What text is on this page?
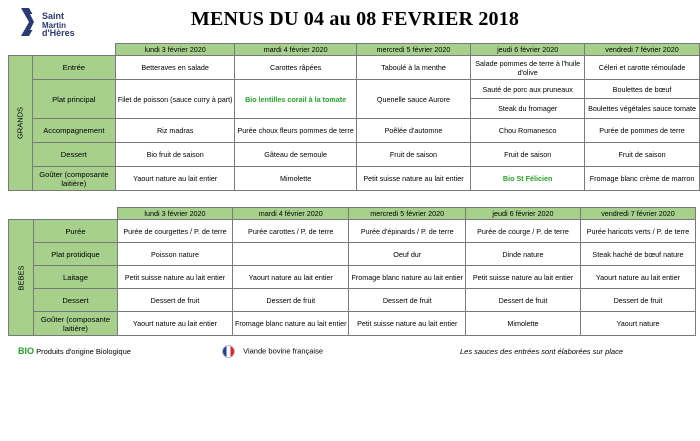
Saint
Martin
d'Hères
MENUS DU 04 au 08 FEVRIER 2018
		lundi 3 février 2020	mardi 4 février 2020	mercredi 5 février 2020	jeudi 6 février 2020	vendredi 7 février 2020

GRANDS	Entrée	Betteraves en salade	Carottes râpées	Taboulé à la menthe	Salade pommes de terre à l'huile d'olive	Céleri et carotte rémoulade
	Plat principal	Filet de poisson (sauce curry à part)	Bio lentilles corail à la tomate	Quenelle sauce Aurore	Sauté de porc aux pruneaux	Boulettes de bœuf
					Steak du fromager	Boulettes végétales sauce tomate
	Accompagnement	Riz madras	Purée choux fleurs pommes de terre	Poêlée d'automne	Chou Romanesco	Purée de pommes de terre
	Dessert	Bio fruit de saison	Gâteau de semoule	Fruit de saison	Fruit de saison	Fruit de saison
	Goûter (composante laitière)	Yaourt nature au lait entier	Mimolette	Petit suisse nature au lait entier	Bio St Félicien	Fromage blanc crème de marron
		lundi 3 février 2020	mardi 4 février 2020	mercredi 5 février 2020	jeudi 6 février 2020	vendredi 7 février 2020

BEBES	Purée	Purée de courgettes / P. de terre	Purée carottes / P. de terre	Purée d'épinards / P. de terre	Purée de courge / P. de terre	Purée haricots verts / P. de terre
	Plat protidique	Poisson nature		Oeuf dur	Dinde nature	Steak haché de bœuf nature
	Laitage	Petit suisse nature au lait entier	Yaourt nature au lait entier	Fromage blanc nature au lait entier	Petit suisse nature au lait entier	Yaourt nature au lait entier
	Dessert	Dessert de fruit	Dessert de fruit	Dessert de fruit	Dessert de fruit	Dessert de fruit
	Goûter (composante laitière)	Yaourt nature au lait entier	Fromage blanc nature au lait entier	Petit suisse nature au lait entier	Mimolette	Yaourt nature
BIO Produits d'origine Biologique	Viande bovine française	Les sauces des entrées sont élaborées sur place
